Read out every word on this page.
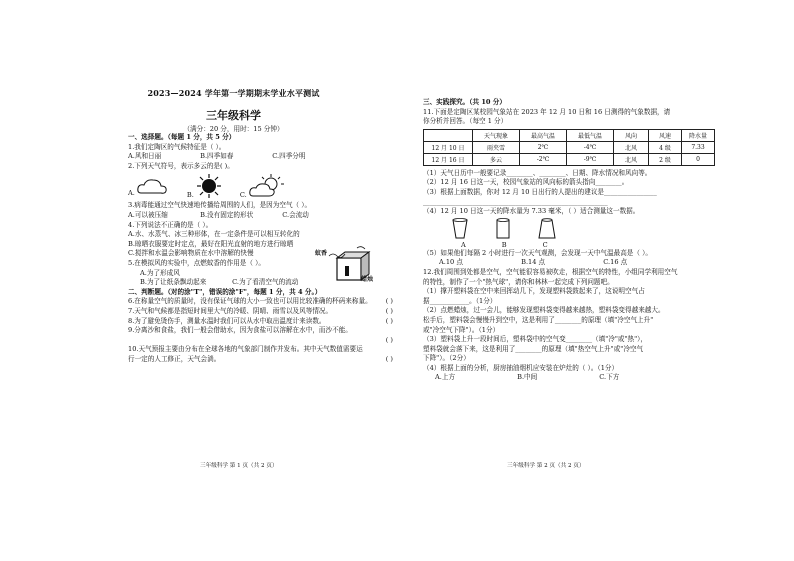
2023—2024 学年第一学期期末学业水平测试
三年级科学
（满分：20 分，用时：15 分钟）
一、选择题。（每题 1 分，共 5 分）
1.我们定陶区的气候特征是（ ）。
A.风和日丽	B.四季如春	C.四季分明
2.下列天气符号，表示多云的是( )。
A.	B.	C.
3.病毒能通过空气快速地传播给周围的人们，是因为空气（ ）。
A.可以被压缩	B.没有固定的形状	C.会流动
4.下列说法不正确的是（ ）。
A.水、水蒸气、冰三种形体，在一定条件是可以相互转化的
B.晾晒衣服要定时定点，最好在阳光直射的地方进行晾晒
C.搅拌和水温会影响物质在水中溶解的快慢
5.在模拟风的实验中，点燃蚊香的作用是（ ）。
A.为了形成风
B.为了让纸条飘动起来	C.为了看清空气的流动
蚊香
蜡烛
二、判断题。（对的涂"T"，错误的涂"F"，每题 1 分，共 4 分。）
6.在称量空气的质量时，没有保证气球的大小一致也可以用比较准确的杯码来称量。 ( )
7.天气和气候都是指短时间里大气的冷暖、阴晴、雨雪以及风等情况。	( )
8.为了避免烫伤手，测量水温时我们可以从水中取出温度计来读数。	( )
9.分离沙和食盐，我们一般会借助水，因为食盐可以溶解在水中，而沙不能。
( )
10.天气预报主要由分布在全球各地的气象部门制作并发布。其中天气数值需要运
行一定的人工修正，天气会淌。	( )
三年级科学 第 1 页（共 2 页）
三、实践探究。（共 10 分）
11.下面是定陶区某校园气象站在 2023 年 12 月 10 日和 16 日测得的气象数据，请
你分析并回答。（每空 1 分）
	天气现象	最高气温	最低气温	风向	风速	降水量
12 月 10 日	雨夹雪	2℃	-4℃	北风	4 级	7.33
12 月 16 日	多云	-2℃	-9℃	北风	2 级	0
（1）天气日历中一般要记录________、________、日期、降水情况和风向等。
（2）12 月 16 日这一天，校园气象站的风向标的箭头指向________。
（3）根据上面数据，你对 12 月 10 日出行的人提出的建议是________________
________________________________________________________
（4）12 月 10 日这一天的降水量为 7.33 毫米，（ ）适合测量这一数据。
A	B	C
（5）如果他们每隔 2 小时进行一次天气观测，会发现一天中气温最高是（ ）。
A.10 点	B.14 点	C.16 点
12.我们周围到处都是空气，空气能很容易被吹走，根据空气的特性，小组同学利用空气
的特性，制作了一个"热气球"，请你和林林一起完成下列问题吧。
（1）撑开塑料袋在空中来回挥动几下，发现塑料袋鼓起来了，这说明空气占
据____________。（1分）
（2）点燃蜡烛，过一会儿，能够发现塑料袋变得越来越热，塑料袋变得越来越大。
松手后，塑料袋会慢慢升到空中，这是利用了________的原理（填"冷空气上升"
或"冷空气下降"）。（1分）
（3）塑料袋上升一段时间后，塑料袋中的空气变________（填"冷"或"热"），
塑料袋就会落下来，这是利用了________的原理（填"热空气上升"或"冷空气
下降"）。（2分）
（4）根据上面的分析，厨房抽油烟机应安装在炉灶的（ ）。（1分）
A.上方	B.中间	C.下方
三年级科学 第 2 页（共 2 页）
